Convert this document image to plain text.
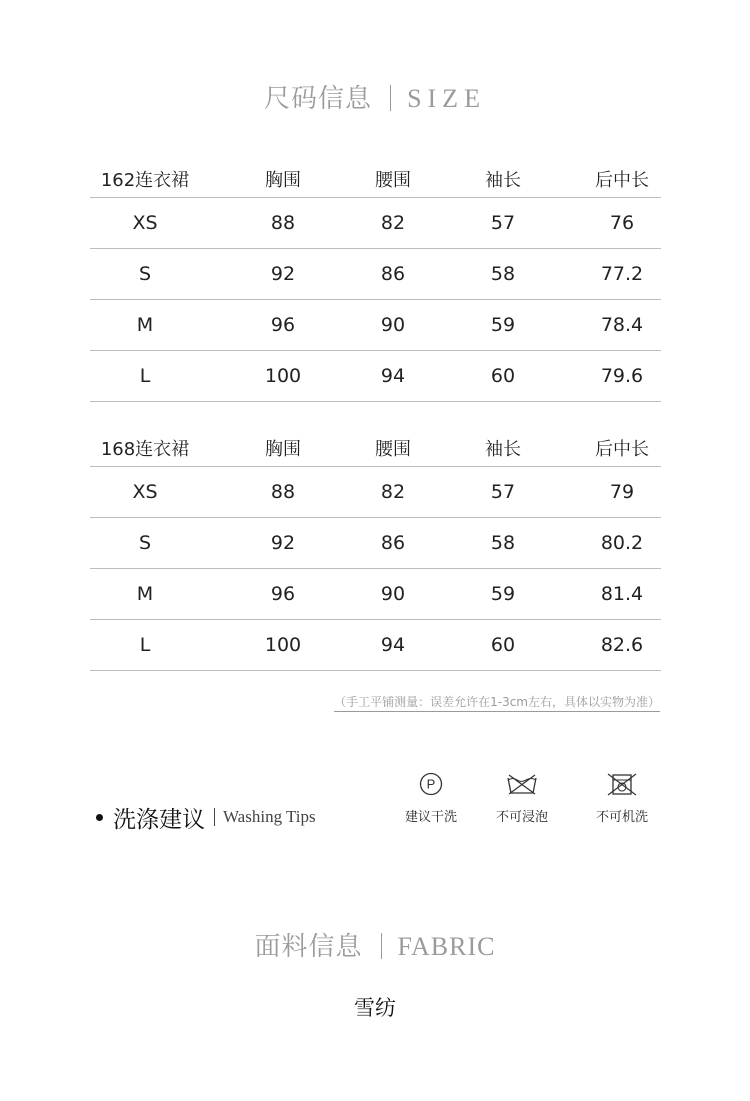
尺码信息 SIZE
162连衣裙	胸围	腰围	袖长	后中长
XS	88	82	57	76
S	92	86	58	77.2
M	96	90	59	78.4
L	100	94	60	79.6
168连衣裙	胸围	腰围	袖长	后中长
XS	88	82	57	79
S	92	86	58	80.2
M	96	90	59	81.4
L	100	94	60	82.6
（手工平铺测量：误差允许在1-3cm左右，具体以实物为准）
洗涤建议 Washing Tips
P
建议干洗	不可浸泡	不可机洗
面料信息 FABRIC
雪纺
